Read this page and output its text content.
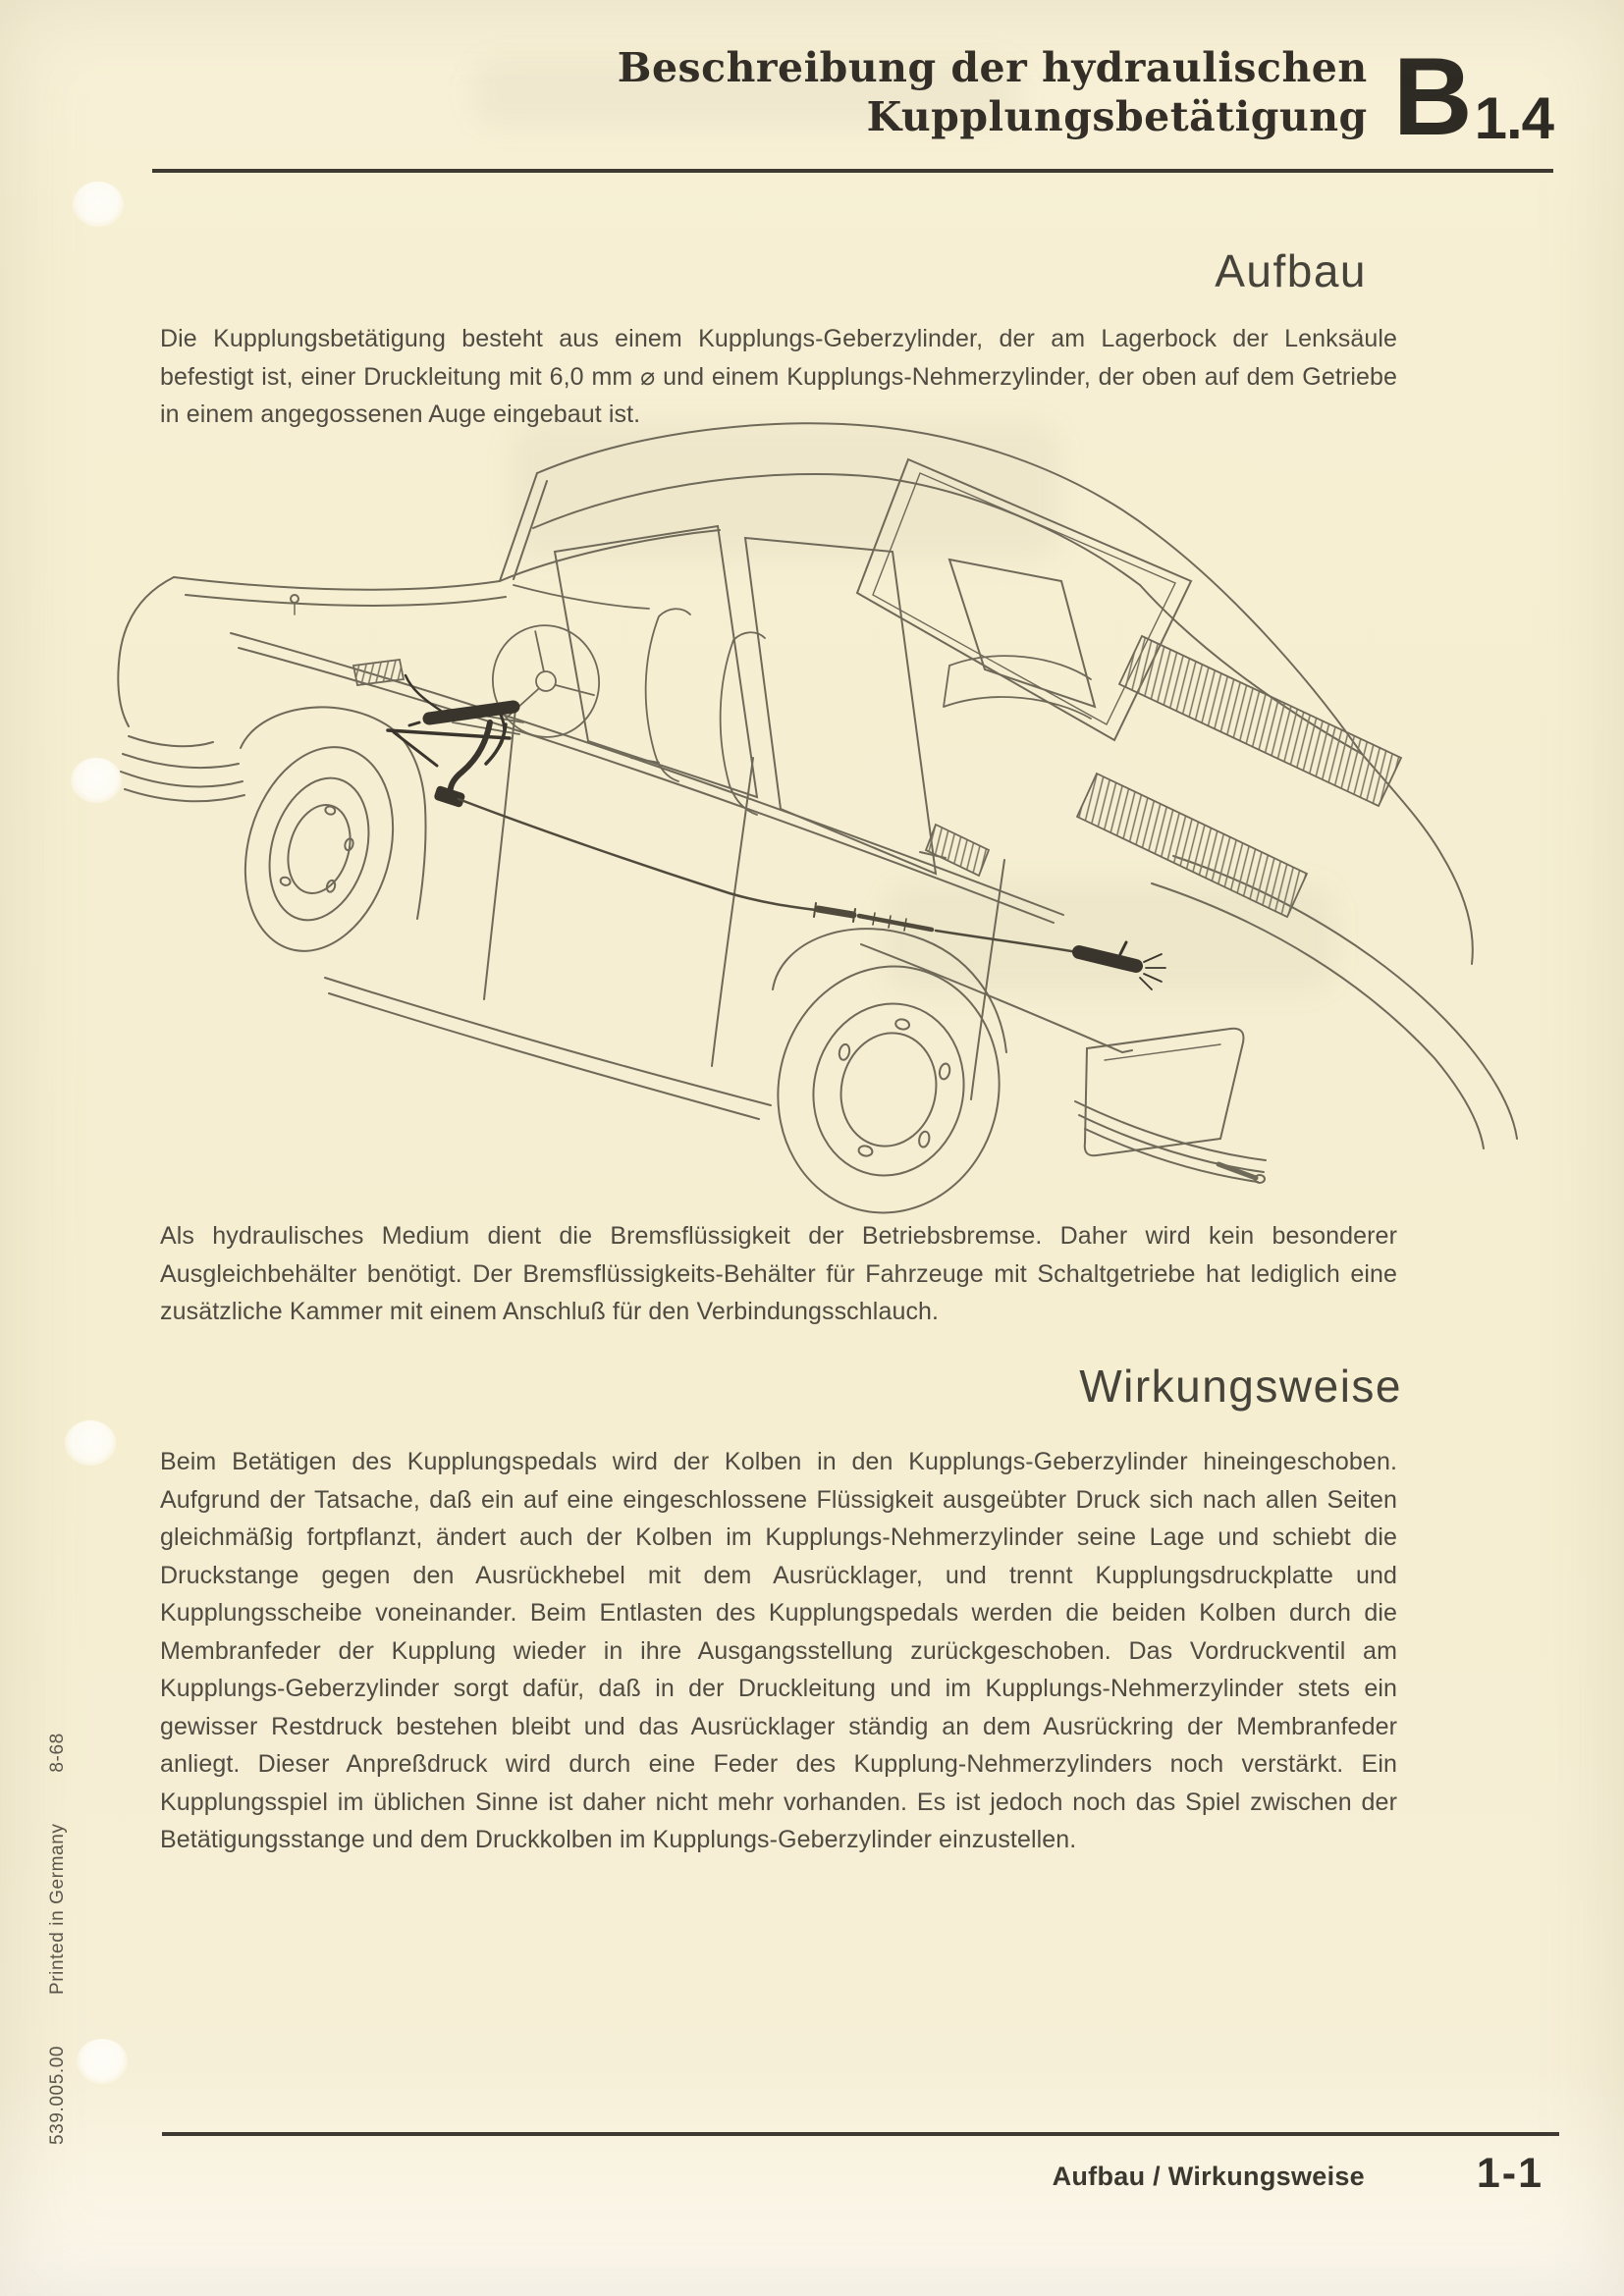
Beschreibung der hydraulischen
Kupplungsbetätigung B 1.4
Aufbau
Die Kupplungsbetätigung besteht aus einem Kupplungs-Geberzylinder, der am Lagerbock der Lenksäule befestigt ist, einer Druckleitung mit 6,0 mm ⌀ und einem Kupplungs-Nehmerzylinder, der oben auf dem Getriebe in einem angegossenen Auge eingebaut ist.
Als hydraulisches Medium dient die Bremsflüssigkeit der Betriebsbremse. Daher wird kein besonderer Ausgleichbehälter benötigt. Der Bremsflüssigkeits-Behälter für Fahrzeuge mit Schaltgetriebe hat lediglich eine zusätzliche Kammer mit einem Anschluß für den Verbindungsschlauch.
Wirkungsweise
Beim Betätigen des Kupplungspedals wird der Kolben in den Kupplungs-Geberzylinder hineingeschoben. Aufgrund der Tatsache, daß ein auf eine eingeschlossene Flüssigkeit ausgeübter Druck sich nach allen Seiten gleichmäßig fortpflanzt, ändert auch der Kolben im Kupplungs-Nehmerzylinder seine Lage und schiebt die Druckstange gegen den Ausrückhebel mit dem Ausrücklager, und trennt Kupplungsdruckplatte und Kupplungsscheibe voneinander. Beim Entlasten des Kupplungspedals werden die beiden Kolben durch die Membranfeder der Kupplung wieder in ihre Ausgangsstellung zurückgeschoben. Das Vordruckventil am Kupplungs-Geberzylinder sorgt dafür, daß in der Druckleitung und im Kupplungs-Nehmerzylinder stets ein gewisser Restdruck bestehen bleibt und das Ausrücklager ständig an dem Ausrückring der Membranfeder anliegt. Dieser Anpreßdruck wird durch eine Feder des Kupplung-Nehmerzylinders noch verstärkt. Ein Kupplungsspiel im üblichen Sinne ist daher nicht mehr vorhanden. Es ist jedoch noch das Spiel zwischen der Betätigungsstange und dem Druckkolben im Kupplungs-Geberzylinder einzustellen.
539.005.00 Printed in Germany 8-68
Aufbau / Wirkungsweise	1-1
